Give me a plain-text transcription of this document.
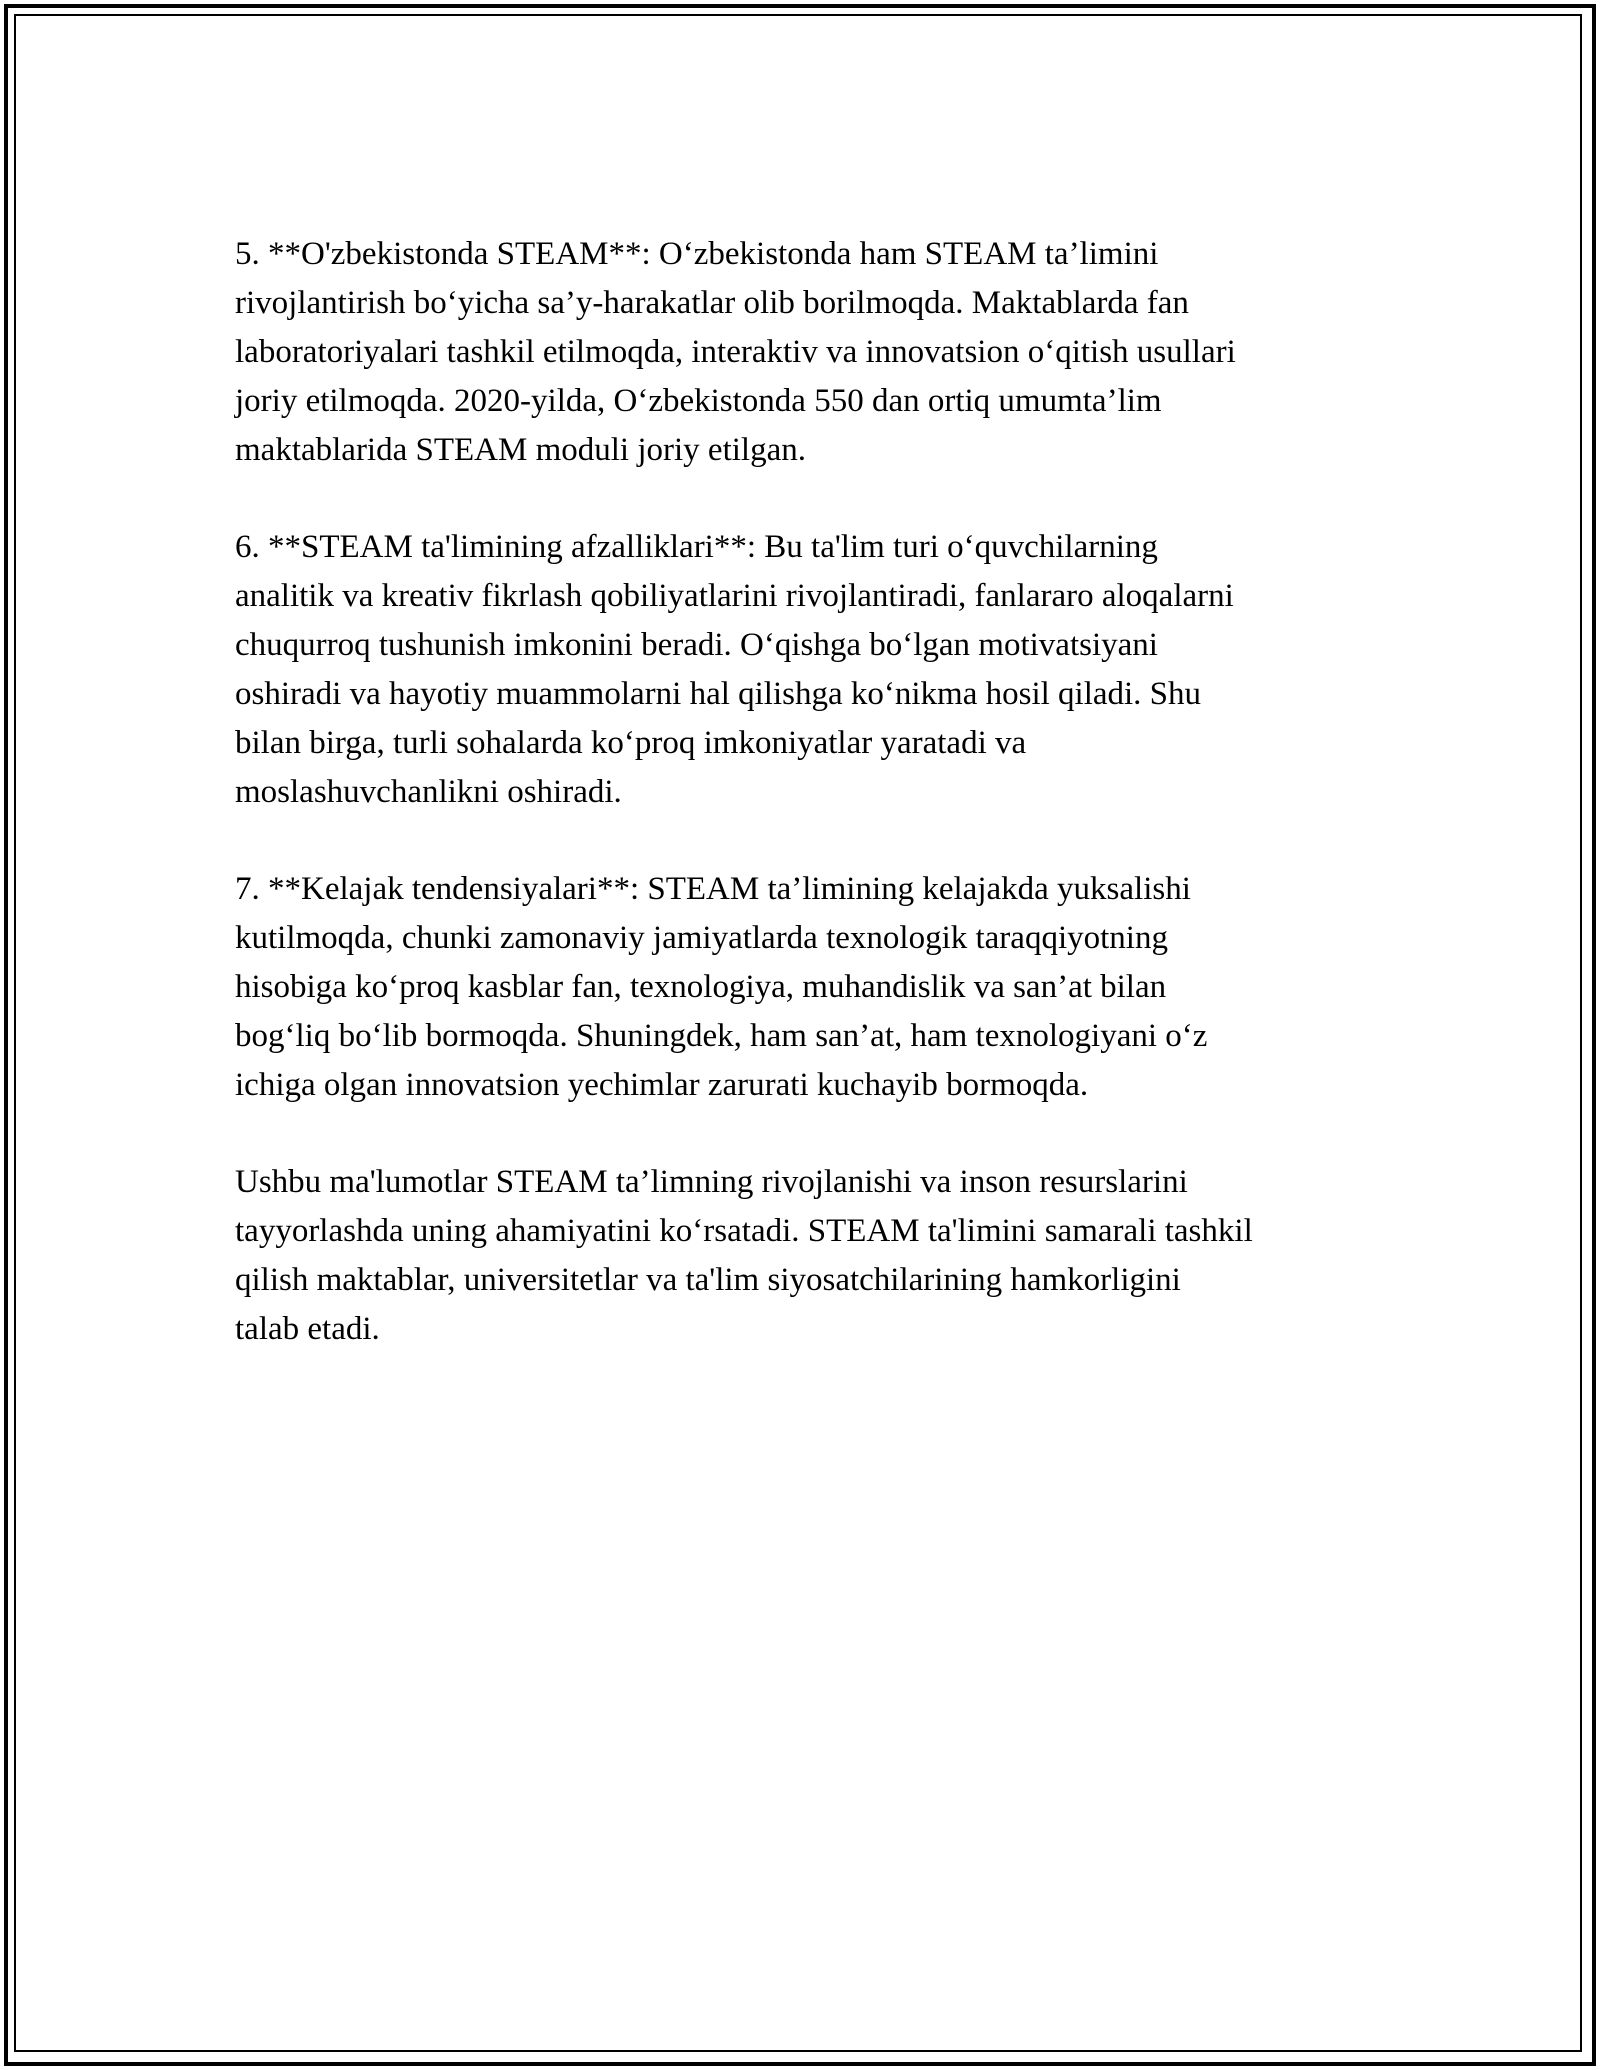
5. **O'zbekistonda STEAM**: O‘zbekistonda ham STEAM ta’limini
rivojlantirish bo‘yicha sa’y-harakatlar olib borilmoqda. Maktablarda fan
laboratoriyalari tashkil etilmoqda, interaktiv va innovatsion o‘qitish usullari
joriy etilmoqda. 2020-yilda, O‘zbekistonda 550 dan ortiq umumta’lim
maktablarida STEAM moduli joriy etilgan.

6. **STEAM ta'limining afzalliklari**: Bu ta'lim turi o‘quvchilarning
analitik va kreativ fikrlash qobiliyatlarini rivojlantiradi, fanlararo aloqalarni
chuqurroq tushunish imkonini beradi. O‘qishga bo‘lgan motivatsiyani
oshiradi va hayotiy muammolarni hal qilishga ko‘nikma hosil qiladi. Shu
bilan birga, turli sohalarda ko‘proq imkoniyatlar yaratadi va
moslashuvchanlikni oshiradi.

7. **Kelajak tendensiyalari**: STEAM ta’limining kelajakda yuksalishi
kutilmoqda, chunki zamonaviy jamiyatlarda texnologik taraqqiyotning
hisobiga ko‘proq kasblar fan, texnologiya, muhandislik va san’at bilan
bog‘liq bo‘lib bormoqda. Shuningdek, ham san’at, ham texnologiyani o‘z
ichiga olgan innovatsion yechimlar zarurati kuchayib bormoqda.

Ushbu ma'lumotlar STEAM ta’limning rivojlanishi va inson resurslarini
tayyorlashda uning ahamiyatini ko‘rsatadi. STEAM ta'limini samarali tashkil
qilish maktablar, universitetlar va ta'lim siyosatchilarining hamkorligini
talab etadi.
